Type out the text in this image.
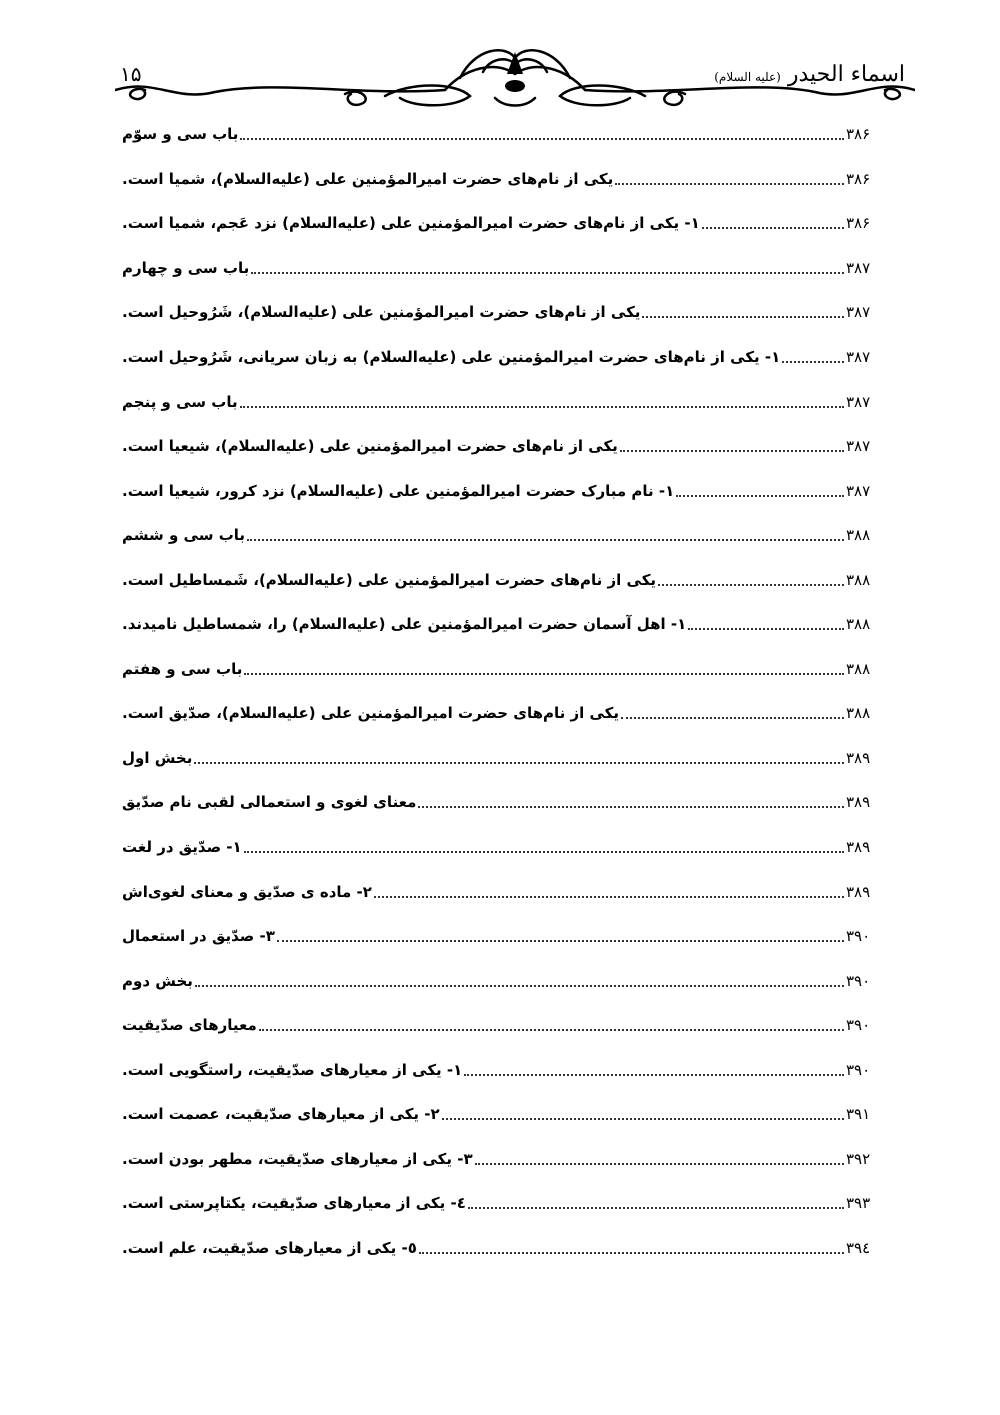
اسماء الحیدر (علیه السلام)
۱۵
باب سی و سوّم	۳۸۶
یکی از نام‌های حضرت امیرالمؤمنین علی (علیه‌السلام)، شمیا است.	۳۸۶
۱- یکی از نام‌های حضرت امیرالمؤمنین علی (علیه‌السلام) نزد عَجم، شمیا است.	۳۸۶
باب سی و چهارم	۳۸۷
یکی از نام‌های حضرت امیرالمؤمنین علی (علیه‌السلام)، شَرُوحیل است.	۳۸۷
۱- یکی از نام‌های حضرت امیرالمؤمنین علی (علیه‌السلام) به زبان سریانی، شَرُوحیل است.	۳۸۷
باب سی و پنجم	۳۸۷
یکی از نام‌های حضرت امیرالمؤمنین علی (علیه‌السلام)، شیعیا است.	۳۸۷
۱- نام مبارک حضرت امیرالمؤمنین علی (علیه‌السلام) نزد کرور، شیعیا است.	۳۸۷
باب سی و ششم	۳۸۸
یکی از نام‌های حضرت امیرالمؤمنین علی (علیه‌السلام)، شَمساطیل است.	۳۸۸
۱- اهل آسمان حضرت امیرالمؤمنین علی (علیه‌السلام) را، شمساطیل نامیدند.	۳۸۸
باب سی و هفتم	۳۸۸
یکی از نام‌های حضرت امیرالمؤمنین علی (علیه‌السلام)، صدّیق است.	۳۸۸
بخش اول	۳۸۹
معنای لغوی و استعمالی لقبی نام صدّیق	۳۸۹
۱- صدّیق در لغت	۳۸۹
۲- ماده ی صدّیق و معنای لغوی‌اش	۳۸۹
۳- صدّیق در استعمال	۳۹۰
بخش دوم	۳۹۰
معیارهای صدّیقیت	۳۹۰
۱- یکی از معیارهای صدّیقیت، راستگویی است.	۳۹۰
۲- یکی از معیارهای صدّیقیت، عصمت است.	۳۹۱
۳- یکی از معیارهای صدّیقیت، مطهر بودن است.	۳۹۲
٤- یکی از معیارهای صدّیقیت، یکتاپرستی است.	۳۹۳
٥- یکی از معیارهای صدّیقیت، علم است.	۳۹٤
